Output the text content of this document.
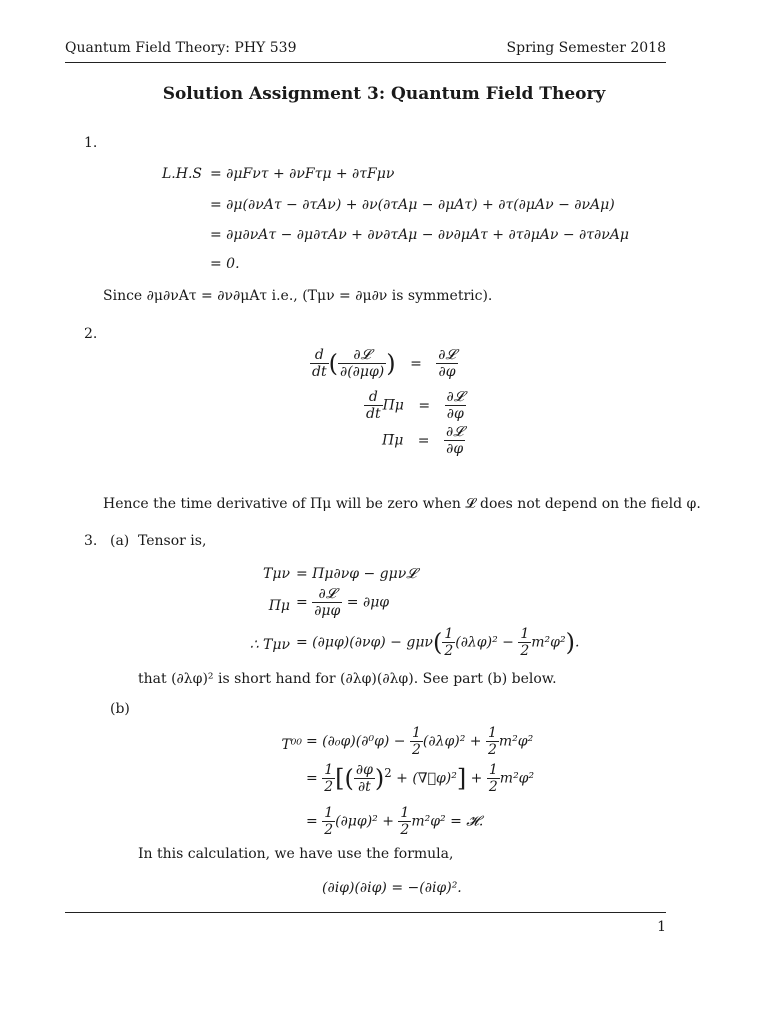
Quantum Field Theory: PHY 539	Spring Semester 2018
Solution Assignment 3: Quantum Field Theory
1.
L.H.S = ∂μFντ + ∂νFτμ + ∂τFμν
= ∂μ(∂νAτ − ∂τAν) + ∂ν(∂τAμ − ∂μAτ) + ∂τ(∂μAν − ∂νAμ)
= ∂μ∂νAτ − ∂μ∂τAν + ∂ν∂τAμ − ∂ν∂μAτ + ∂τ∂μAν − ∂τ∂νAμ
= 0.
Since ∂μ∂νAτ = ∂ν∂μAτ i.e., (Tμν = ∂μ∂ν is symmetric).
2.
$\frac{d}{dt}$ ( $\frac{\text{∂𝓛}}{\partial(\partial\mu\varphi)}$ ) = $\frac{\text{∂𝓛}}{\partial\varphi}$
$\frac{d}{dt}$ $\Pi\mu = \frac{\text{∂𝓛}}{\partial\varphi}$
Π̇μ = $\frac{\text{∂𝓛}}{\partial\varphi}$
Hence the time derivative of Πμ will be zero when 𝓛 does not depend on the field φ.
3. (a) Tensor is,
Tμν = Πμ∂νφ − gμν𝓛
$\Pi\mu = \frac{\text{∂𝓛}}{\partial\mu\varphi} = \partial\mu\varphi$
∴ $T\mu\nu = (\partial\mu\varphi)(\partial\nu\varphi) - g\mu\nu( \frac{1}{2} (\partial\lambda\varphi)^2 - \frac{1}{2} m^2\varphi^2)$.
that (∂λφ)² is short hand for (∂λφ)(∂λφ). See part (b) below.
(b)
$T^{00} = (\partial_0\varphi)(\partial^0\varphi) - \frac{1}{2} (\partial\lambda\varphi)^2 + \frac{1}{2} m^2\varphi^2$
= $\frac{1}{2}$ [( $\frac{\partial\varphi}{\partial t} )^2$ + (∇⃗φ)²] + $\frac{1}{2} m^2\varphi^2$
= $\frac{1}{2} (\partial\mu\varphi)^2 + \frac{1}{2} m^2\varphi^2$ = 𝓗.
In this calculation, we have use the formula,
(∂iφ)(∂iφ) = −(∂iφ)².
1
